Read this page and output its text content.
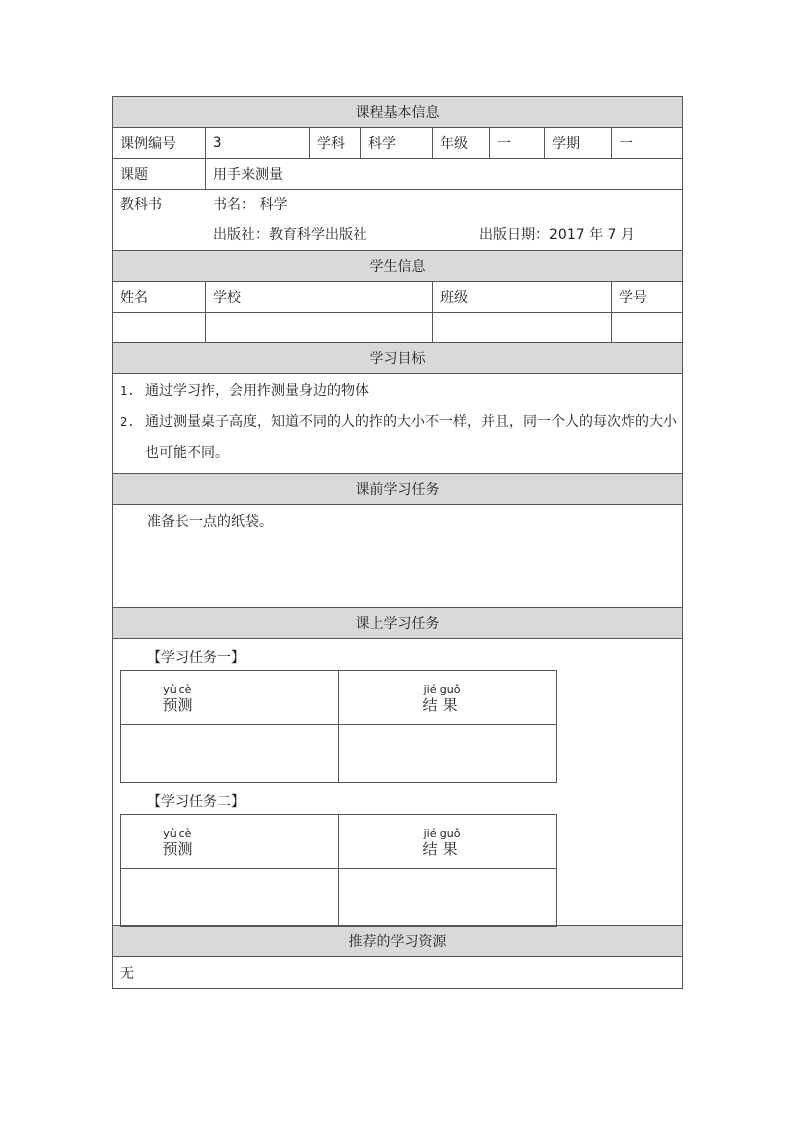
课程基本信息
课例编号	3	学科	科学	年级	一	学期	一
课题	用手来测量

教科书	书名： 科学
出版社：教育科学出版社	出版日期：2017 年 7 月

学生信息
姓名	学校	班级	学号

学习目标

1. 通过学习拃，会用拃测量身边的物体
2. 通过测量桌子高度，知道不同的人的拃的大小不一样，并且，同一个人的每次炸的大小也可能不同。

课前学习任务
准备长一点的纸袋。
课上学习任务

【学习任务一】
预yù测cè	结jié 果guǒ

【学习任务二】
预yù测cè	结jié 果guǒ

推荐的学习资源
无
